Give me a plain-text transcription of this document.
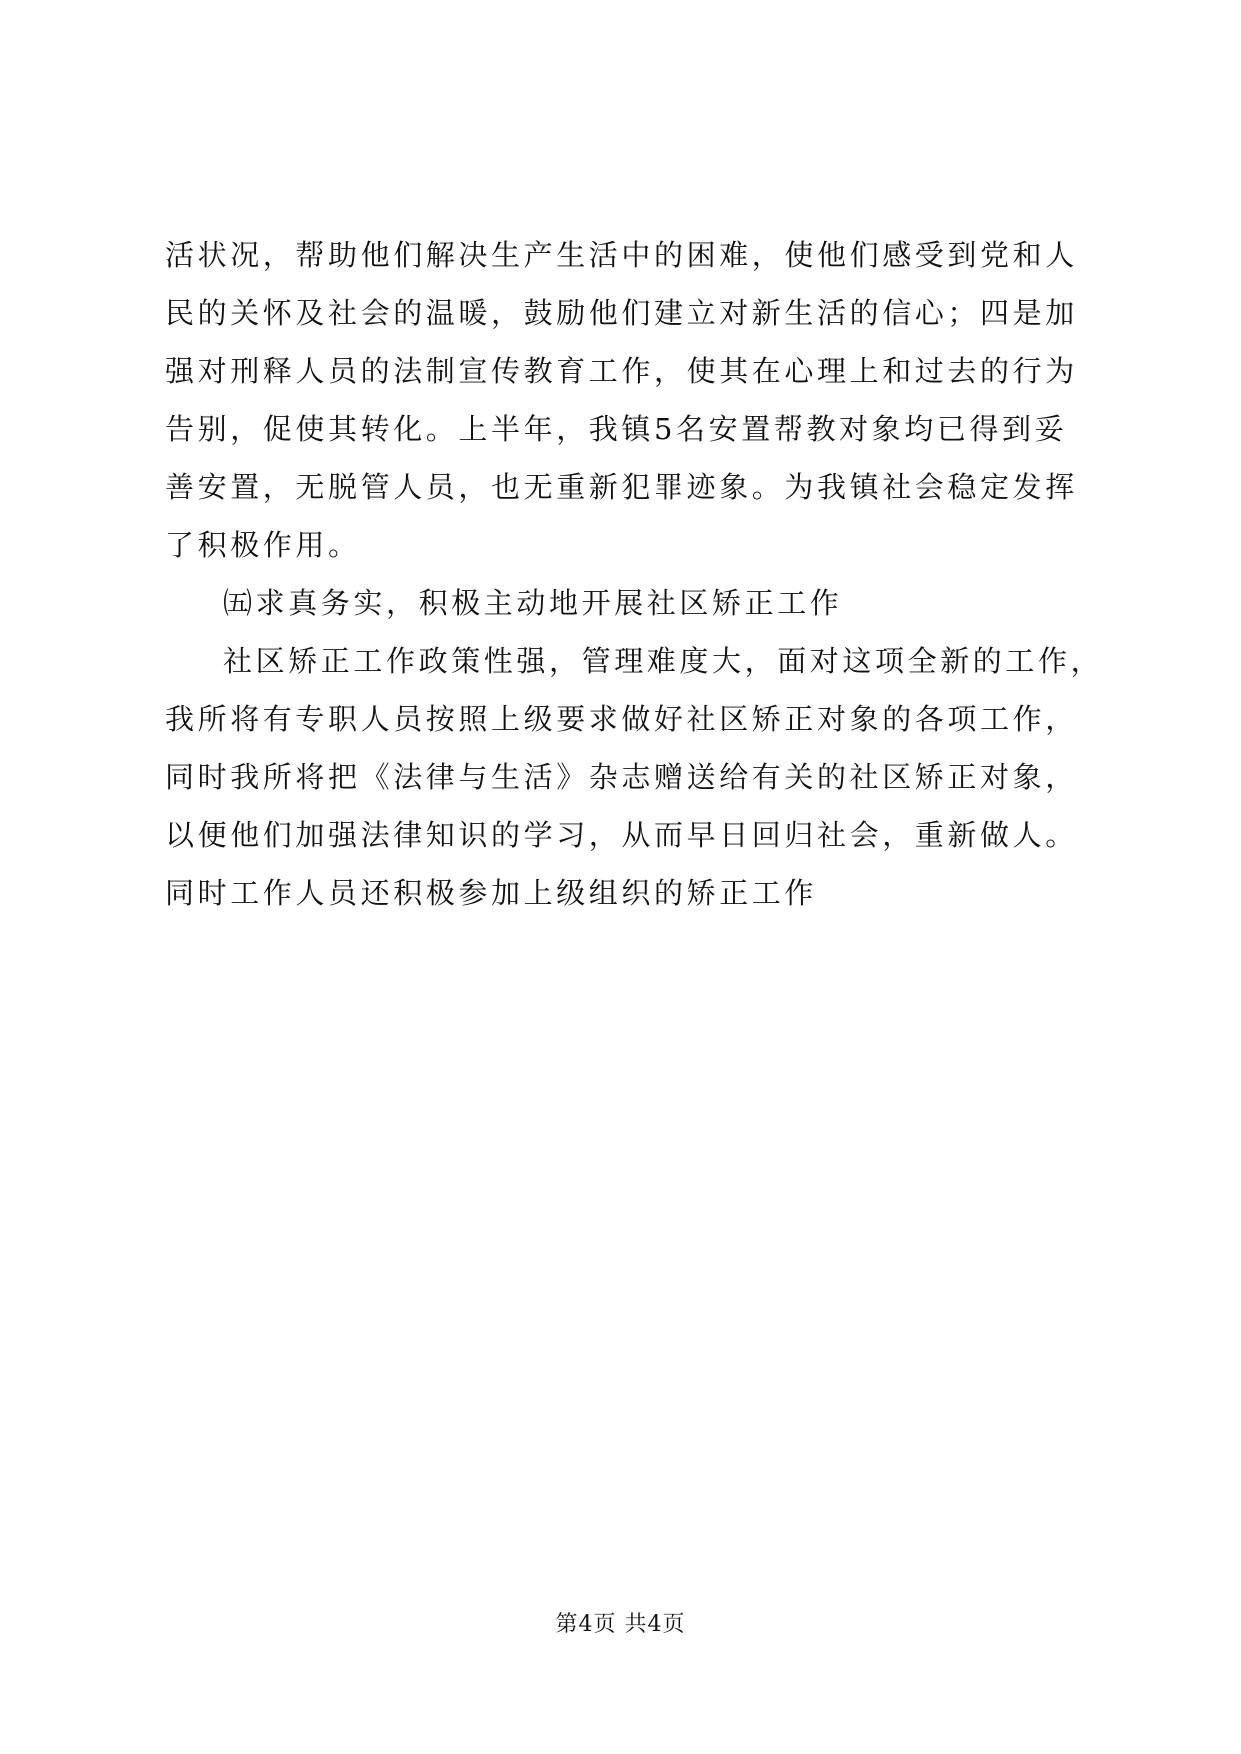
活状况，帮助他们解决生产生活中的困难，使他们感受到党和人
民的关怀及社会的温暖，鼓励他们建立对新生活的信心；四是加
强对刑释人员的法制宣传教育工作，使其在心理上和过去的行为
告别，促使其转化。上半年，我镇5名安置帮教对象均已得到妥
善安置，无脱管人员，也无重新犯罪迹象。为我镇社会稳定发挥
了积极作用。
㈤求真务实，积极主动地开展社区矫正工作
社区矫正工作政策性强，管理难度大，面对这项全新的工作，
我所将有专职人员按照上级要求做好社区矫正对象的各项工作，
同时我所将把《法律与生活》杂志赠送给有关的社区矫正对象，
以便他们加强法律知识的学习，从而早日回归社会，重新做人。
同时工作人员还积极参加上级组织的矫正工作
第4页 共4页
